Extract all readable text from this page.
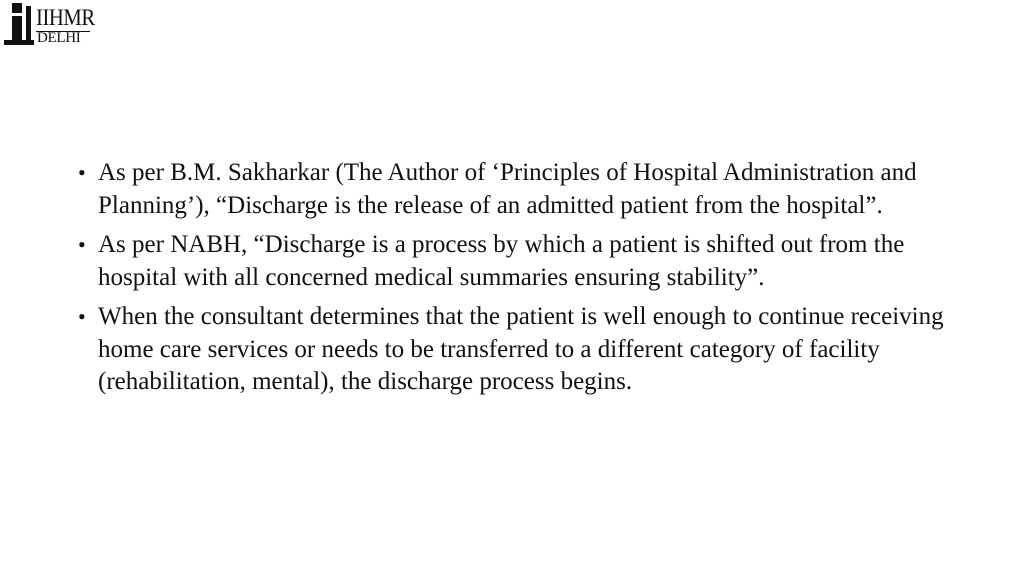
IIHMR
DELHI
• As per B.M. Sakharkar (The Author of ‘Principles of Hospital Administration and Planning’), “Discharge is the release of an admitted patient from the hospital”.
• As per NABH, “Discharge is a process by which a patient is shifted out from the hospital with all concerned medical summaries ensuring stability”.
• When the consultant determines that the patient is well enough to continue receiving home care services or needs to be transferred to a different category of facility (rehabilitation, mental), the discharge process begins.
